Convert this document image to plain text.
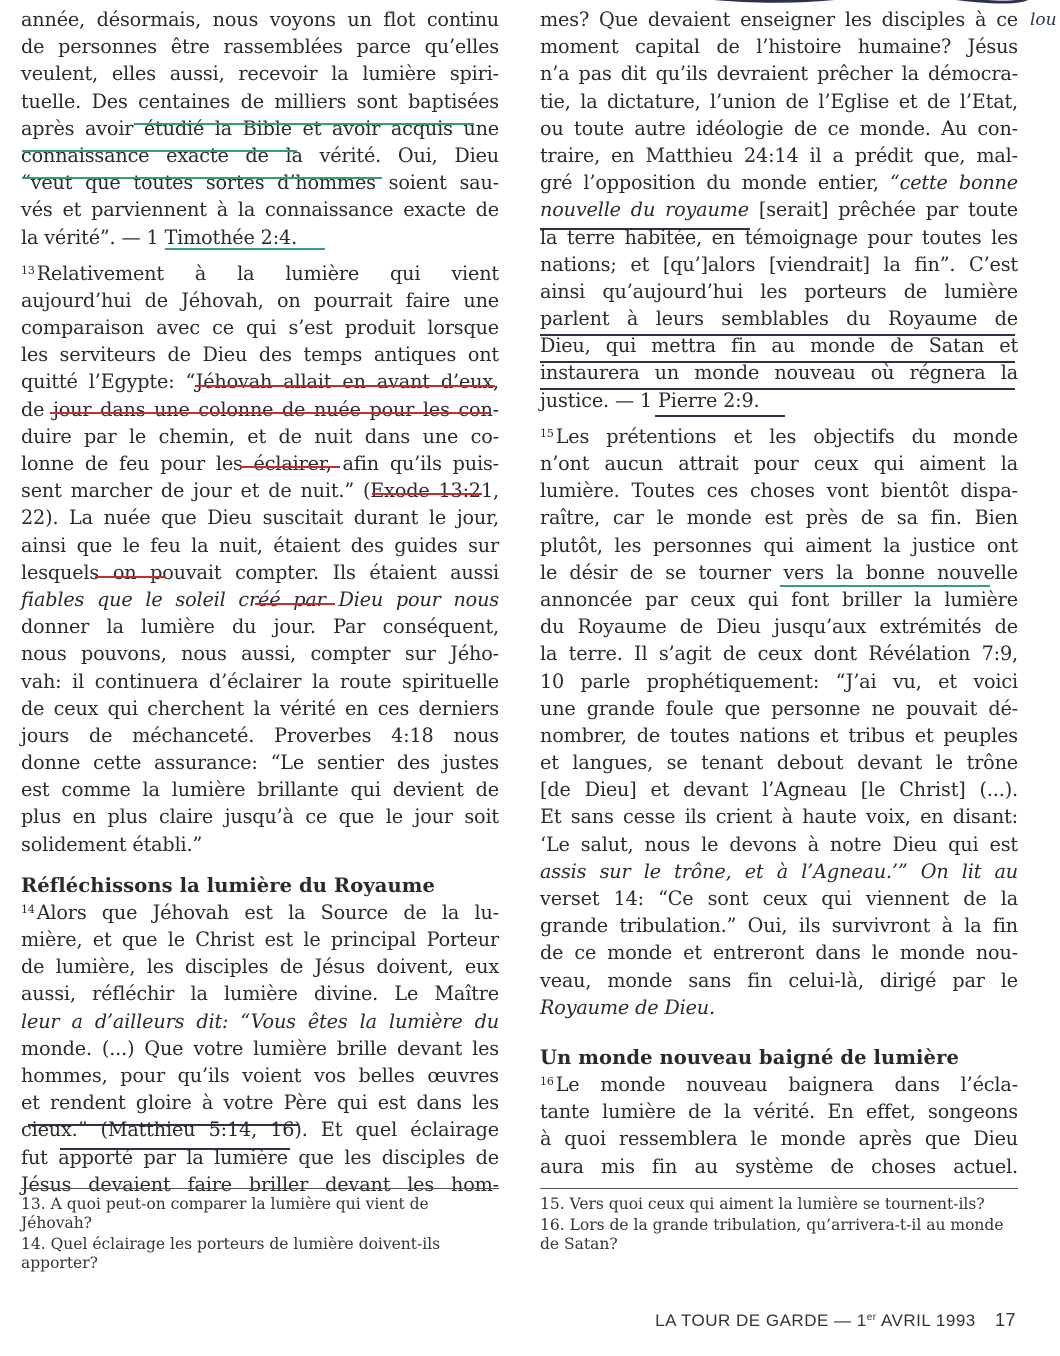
année, désormais, nous voyons un flot continu
de personnes être rassemblées parce qu’elles
veulent, elles aussi, recevoir la lumière spiri-
tuelle. Des centaines de milliers sont baptisées
après avoir étudié la Bible et avoir acquis une
connaissance exacte de la vérité. Oui, Dieu
“veut que toutes sortes d’hommes soient sau-
vés et parviennent à la connaissance exacte de
la vérité”. — 1 Timothée 2:4.
$^{13}$ Relativement à la lumière qui vient
aujourd’hui de Jéhovah, on pourrait faire une
comparaison avec ce qui s’est produit lorsque
les serviteurs de Dieu des temps antiques ont
quitté l’Egypte: “Jéhovah allait en avant d’eux,
de jour dans une colonne de nuée pour les con-
duire par le chemin, et de nuit dans une co-
lonne de feu pour les éclairer, afin qu’ils puis-
sent marcher de jour et de nuit.” (Exode 13:21,
22). La nuée que Dieu suscitait durant le jour,
ainsi que le feu la nuit, étaient des guides sur
lesquels on pouvait compter. Ils étaient aussi
fiables que le soleil créé par Dieu pour nous
donner la lumière du jour. Par conséquent,
nous pouvons, nous aussi, compter sur Jého-
vah: il continuera d’éclairer la route spirituelle
de ceux qui cherchent la vérité en ces derniers
jours de méchanceté. Proverbes 4:18 nous
donne cette assurance: “Le sentier des justes
est comme la lumière brillante qui devient de
plus en plus claire jusqu’à ce que le jour soit
solidement établi.”
Réfléchissons la lumière du Royaume
$^{14}$ Alors que Jéhovah est la Source de la lu-
mière, et que le Christ est le principal Porteur
de lumière, les disciples de Jésus doivent, eux
aussi, réfléchir la lumière divine. Le Maître
leur a d’ailleurs dit: “Vous êtes la lumière du
monde. (...) Que votre lumière brille devant les
hommes, pour qu’ils voient vos belles œuvres
et rendent gloire à votre Père qui est dans les
cieux.” (Matthieu 5:14, 16). Et quel éclairage
fut apporté par la lumière que les disciples de
Jésus devaient faire briller devant les hom-
mes? Que devaient enseigner les disciples à ce
moment capital de l’histoire humaine? Jésus
n’a pas dit qu’ils devraient prêcher la démocra-
tie, la dictature, l’union de l’Eglise et de l’Etat,
ou toute autre idéologie de ce monde. Au con-
traire, en Matthieu 24:14 il a prédit que, mal-
gré l’opposition du monde entier, “cette bonne
nouvelle du royaume [serait] prêchée par toute
la terre habitée, en témoignage pour toutes les
nations; et [qu’]alors [viendrait] la fin”. C’est
ainsi qu’aujourd’hui les porteurs de lumière
parlent à leurs semblables du Royaume de
Dieu, qui mettra fin au monde de Satan et
instaurera un monde nouveau où régnera la
justice. — 1 Pierre 2:9.
$^{15}$ Les prétentions et les objectifs du monde
n’ont aucun attrait pour ceux qui aiment la
lumière. Toutes ces choses vont bientôt dispa-
raître, car le monde est près de sa fin. Bien
plutôt, les personnes qui aiment la justice ont
le désir de se tourner vers la bonne nouvelle
annoncée par ceux qui font briller la lumière
du Royaume de Dieu jusqu’aux extrémités de
la terre. Il s’agit de ceux dont Révélation 7:9,
10 parle prophétiquement: “J’ai vu, et voici
une grande foule que personne ne pouvait dé-
nombrer, de toutes nations et tribus et peuples
et langues, se tenant debout devant le trône
[de Dieu] et devant l’Agneau [le Christ] (...).
Et sans cesse ils crient à haute voix, en disant:
‘Le salut, nous le devons à notre Dieu qui est
assis sur le trône, et à l’Agneau.’” On lit au
verset 14: “Ce sont ceux qui viennent de la
grande tribulation.” Oui, ils survivront à la fin
de ce monde et entreront dans le monde nou-
veau, monde sans fin celui-là, dirigé par le
Royaume de Dieu.
Un monde nouveau baigné de lumière
$^{16}$ Le monde nouveau baignera dans l’écla-
tante lumière de la vérité. En effet, songeons
à quoi ressemblera le monde après que Dieu
aura mis fin au système de choses actuel.
13. A quoi peut-on comparer la lumière qui vient de Jéhovah?
14. Quel éclairage les porteurs de lumière doivent-ils apporter?
15. Vers quoi ceux qui aiment la lumière se tournent-ils?
16. Lors de la grande tribulation, qu’arrivera-t-il au monde de Satan?
LA TOUR DE GARDE — 1er AVRIL 1993 17
lou
